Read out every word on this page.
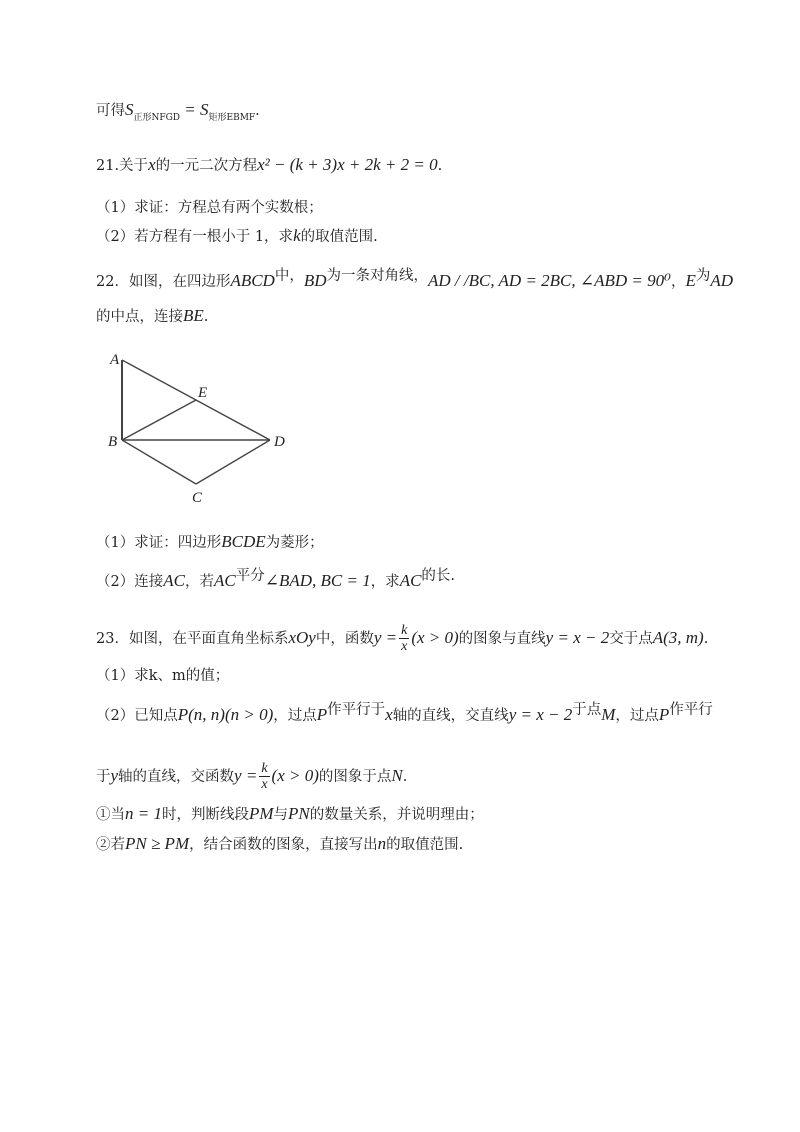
可得$S_{正形NFGD} = S_{矩形EBMF}$.
21.关于x的一元二次方程x² − (k + 3)x + 2k + 2 = 0.
（1）求证：方程总有两个实数根；
（2）若方程有一根小于 1，求k的取值范围.
22．如图，在四边形ABCD中，BD为一条对角线，AD / /BC, AD = 2BC, ∠ABD = 90⁰，E为AD
的中点，连接BE.
A
B
C
D
E
（1）求证：四边形BCDE为菱形；
（2）连接AC，若AC平分∠BAD, BC = 1，求AC的长.
23．如图，在平面直角坐标系xOy中，函数$y = \frac{k}{x} (x > 0)$的图象与直线y = x − 2交于点A(3, m).
（1）求k、m的值；
（2）已知点P(n, n)(n > 0)，过点P作平行于x轴的直线，交直线y = x − 2于点M，过点P作平行
于y轴的直线，交函数$y = \frac{k}{x} (x > 0)$的图象于点N.
①当n = 1时，判断线段PM与PN的数量关系，并说明理由；
②若PN ≥ PM，结合函数的图象，直接写出n的取值范围.
